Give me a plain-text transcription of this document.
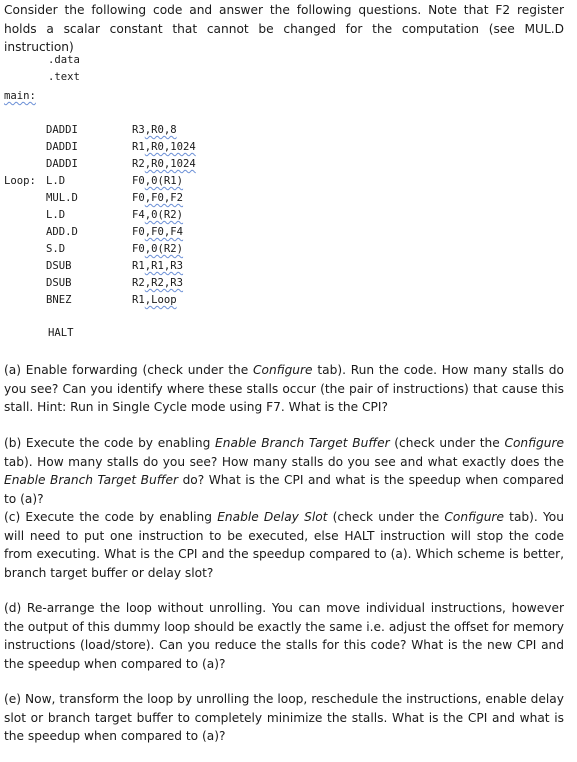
Consider the following code and answer the following questions. Note that F2 register holds a scalar constant that cannot be changed for the computation (see MUL.D instruction)
.data
.text
main:
DADDI	R3,R0,8
DADDI	R1,R0,1024
DADDI	R2,R0,1024
Loop: L.D	F0,0(R1)
MUL.D	F0,F0,F2
L.D	F4,0(R2)
ADD.D	F0,F0,F4
S.D	F0,0(R2)
DSUB	R1,R1,R3
DSUB	R2,R2,R3
BNEZ	R1,Loop
HALT
(a) Enable forwarding (check under the Configure tab). Run the code. How many stalls do you see? Can you identify where these stalls occur (the pair of instructions) that cause this stall. Hint: Run in Single Cycle mode using F7. What is the CPI?
(b) Execute the code by enabling Enable Branch Target Buffer (check under the Configure tab). How many stalls do you see? How many stalls do you see and what exactly does the Enable Branch Target Buffer do? What is the CPI and what is the speedup when compared to (a)?
(c) Execute the code by enabling Enable Delay Slot (check under the Configure tab). You will need to put one instruction to be executed, else HALT instruction will stop the code from executing. What is the CPI and the speedup compared to (a). Which scheme is better, branch target buffer or delay slot?
(d) Re-arrange the loop without unrolling. You can move individual instructions, however the output of this dummy loop should be exactly the same i.e. adjust the offset for memory instructions (load/store). Can you reduce the stalls for this code? What is the new CPI and the speedup when compared to (a)?
(e) Now, transform the loop by unrolling the loop, reschedule the instructions, enable delay slot or branch target buffer to completely minimize the stalls. What is the CPI and what is the speedup when compared to (a)?
